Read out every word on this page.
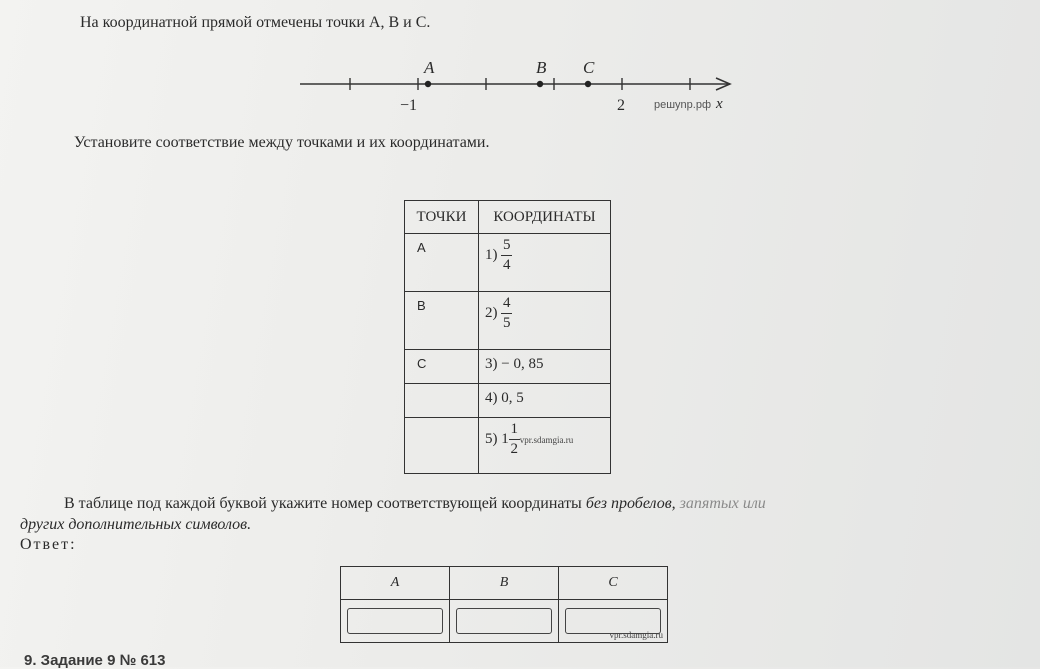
На координатной прямой отмечены точки A, B и C.
A	B C
−1	2	решуnp.рф x
Установите соответствие между точками и их координатами.
ТОЧКИ	КООРДИНАТЫ
A	$1) \frac{5}{4}$

B	$2) \frac{4}{5}$

C	3) − 0, 85
	4) 0, 5
	5) $1 \frac{1}{2}$ vpr.sdamgia.ru
В таблице под каждой буквой укажите номер соответствующей координаты без пробелов, запятых или
других дополнительных символов.
Ответ:
A	B	C

		vpr.sdamgia.ru
9. Задание 9 № 613
